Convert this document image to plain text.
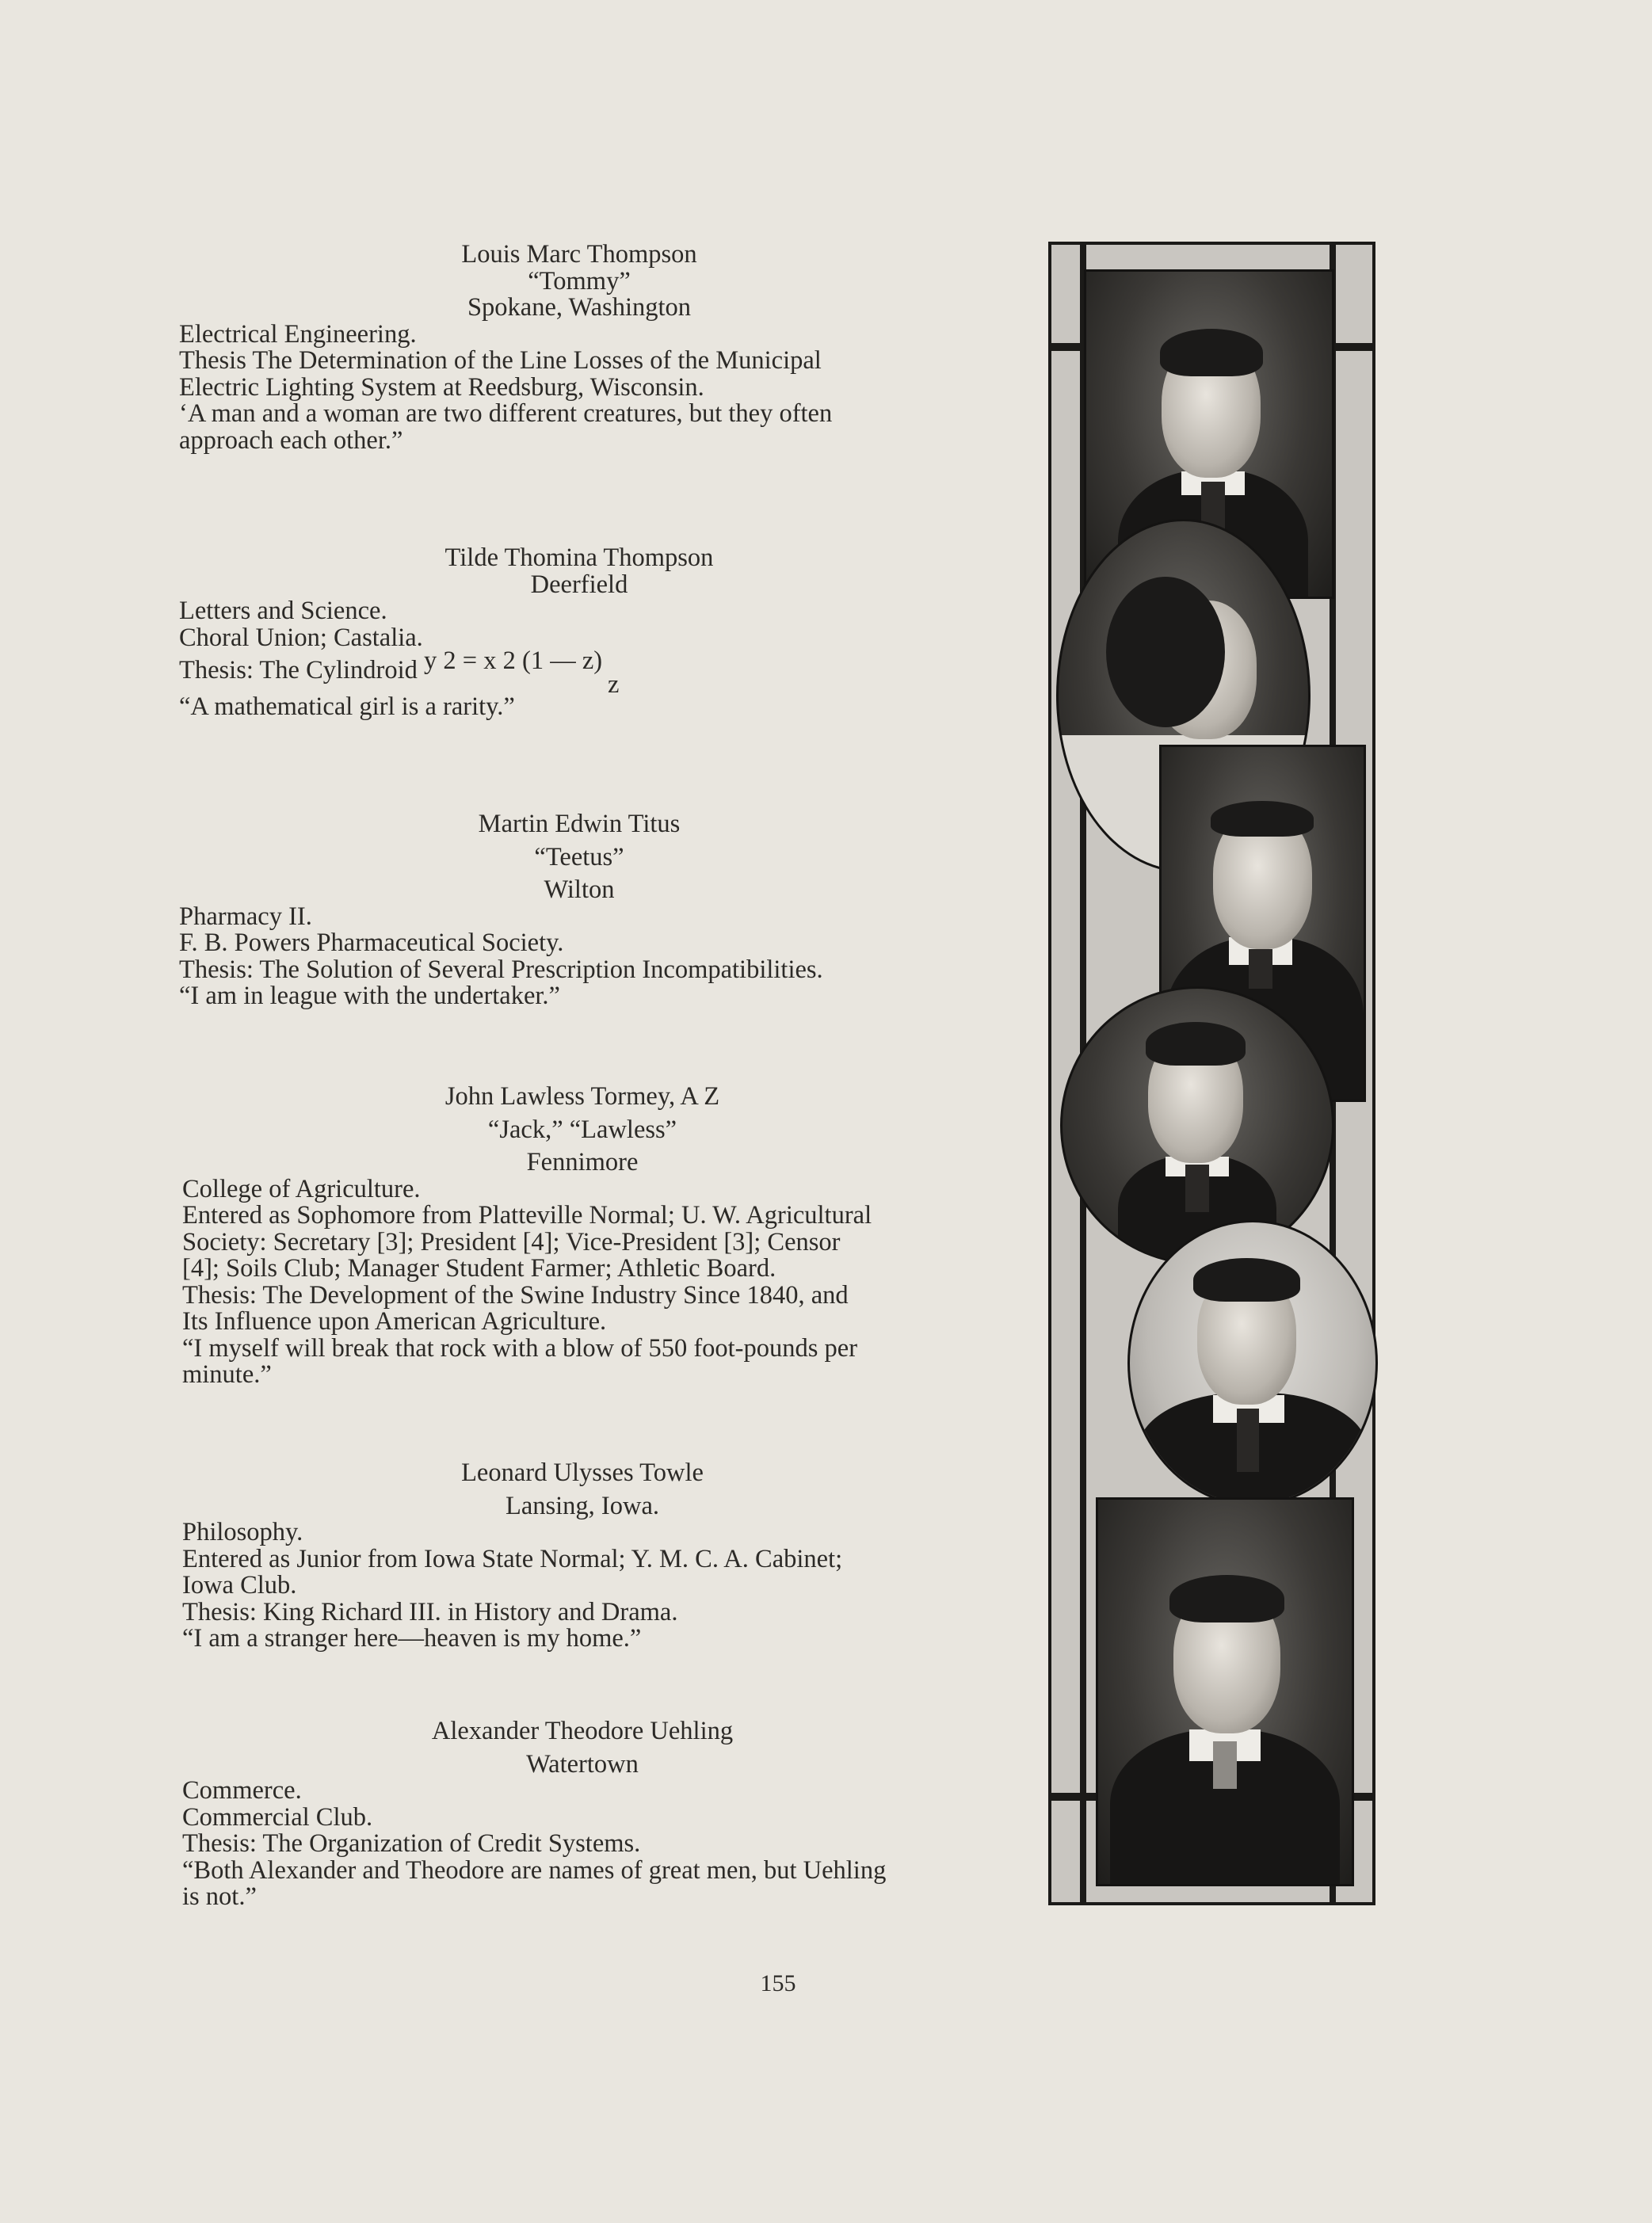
Louis Marc Thompson
“Tommy”
Spokane, Washington
Electrical Engineering.
Thesis The Determination of the Line Losses of the Municipal
Electric Lighting System at Reedsburg, Wisconsin.
‘A man and a woman are two different creatures, but they often
approach each other.”
Tilde Thomina Thompson
Deerfield
Letters and Science.
Choral Union; Castalia.
Thesis: The Cylindroid y 2 = x 2 (1 — z)
z
“A mathematical girl is a rarity.”
Martin Edwin Titus
“Teetus”
Wilton
Pharmacy II.
F. B. Powers Pharmaceutical Society.
Thesis: The Solution of Several Prescription Incompatibilities.
“I am in league with the undertaker.”
John Lawless Tormey, A Z
“Jack,” “Lawless”
Fennimore
College of Agriculture.
Entered as Sophomore from Platteville Normal; U. W. Agricultural
Society: Secretary [3]; President [4]; Vice-President [3]; Censor
[4]; Soils Club; Manager Student Farmer; Athletic Board.
Thesis: The Development of the Swine Industry Since 1840, and
Its Influence upon American Agriculture.
“I myself will break that rock with a blow of 550 foot-pounds per
minute.”
Leonard Ulysses Towle
Lansing, Iowa.
Philosophy.
Entered as Junior from Iowa State Normal; Y. M. C. A. Cabinet;
Iowa Club.
Thesis: King Richard III. in History and Drama.
“I am a stranger here—heaven is my home.”
Alexander Theodore Uehling
Watertown
Commerce.
Commercial Club.
Thesis: The Organization of Credit Systems.
“Both Alexander and Theodore are names of great men, but Uehling
is not.”
155
